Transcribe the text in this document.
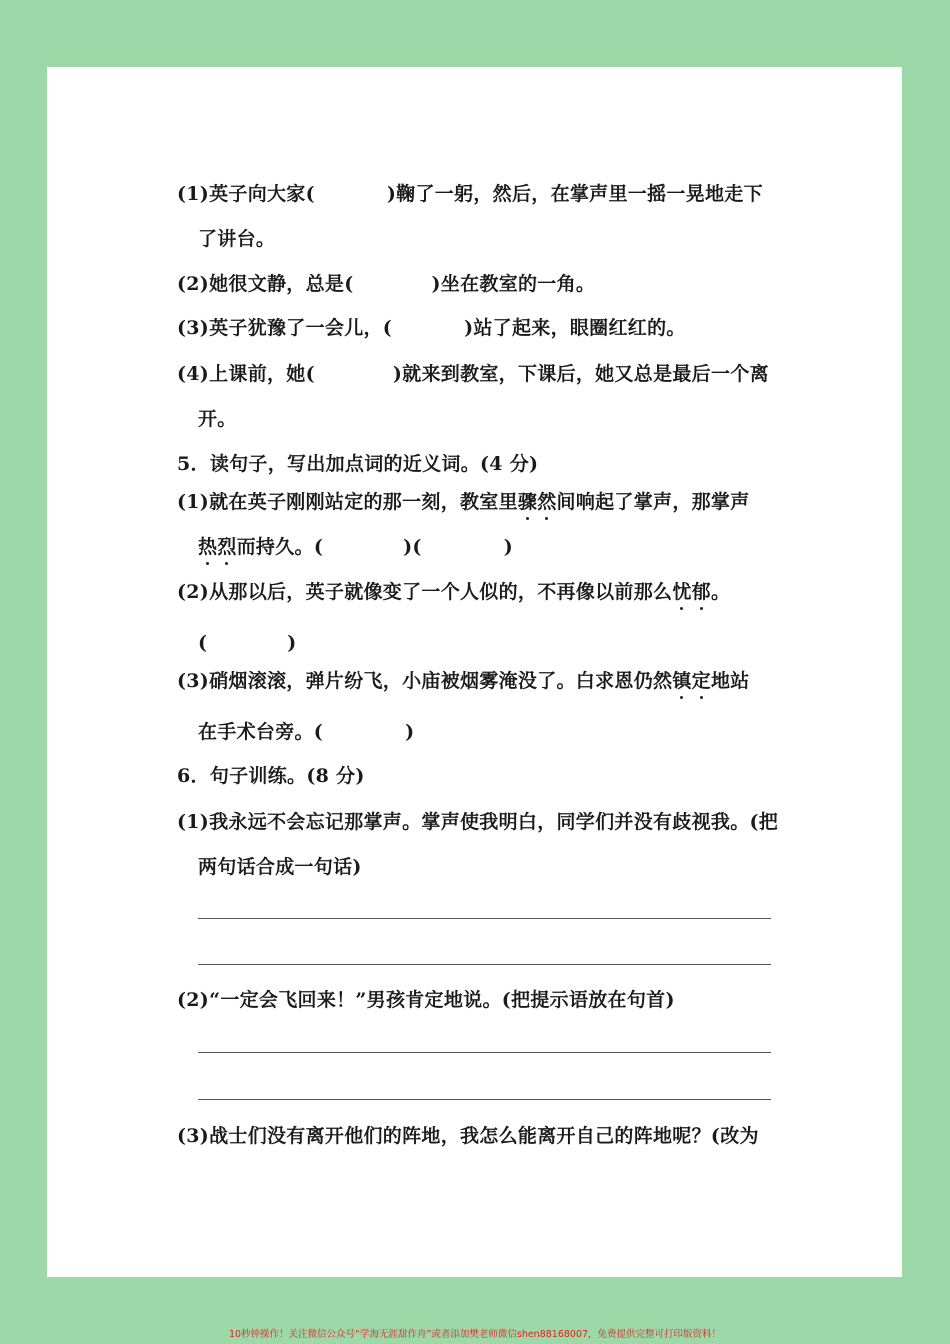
(1)英子向大家(	)鞠了一躬，然后，在掌声里一摇一晃地走下
了讲台。
(2)她很文静，总是(	)坐在教室的一角。
(3)英子犹豫了一会儿，(	)站了起来，眼圈红红的。
(4)上课前，她(	)就来到教室，下课后，她又总是最后一个离
开。
5．读句子，写出加点词的近义词。(4 分)
(1)就在英子刚刚站定的那一刻，教室里骤然间响起了掌声，那掌声
热烈而持久。(	)(	)
(2)从那以后，英子就像变了一个人似的，不再像以前那么忧郁。
(	)
(3)硝烟滚滚，弹片纷飞，小庙被烟雾淹没了。白求恩仍然镇定地站
在手术台旁。(	)
6．句子训练。(8 分)
(1)我永远不会忘记那掌声。掌声使我明白，同学们并没有歧视我。(把
两句话合成一句话)
(2)“一定会飞回来！”男孩肯定地说。(把提示语放在句首)
(3)战士们没有离开他们的阵地，我怎么能离开自己的阵地呢？(改为
10秒钟操作！关注微信公众号“学海无涯甜作舟”或者添加樊老师微信shen88168007，免费提供完整可打印版资料！
